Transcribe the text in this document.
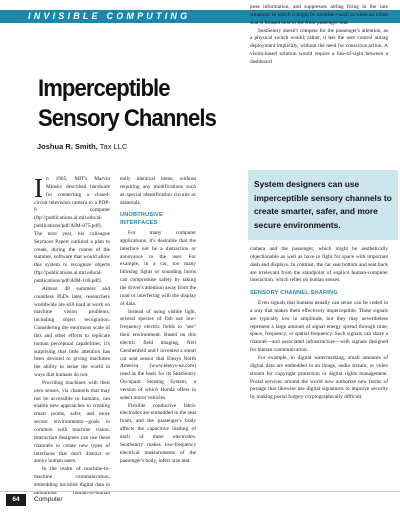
INVISIBLE COMPUTING
Imperceptible
Sensory Channels
Joshua R. Smith, Tax LLC

In 1965, MIT's Marvin Minsky described hardware for connecting a closed-circuit television camera to a PDP-6 computer (ftp://publications.ai.mit.edu/ai-publications/pdf/AIM-075.pdf). The next year, his colleague Seymour Papert outlined a plan to create, during the course of the summer, software that would allow this system to recognize objects (ftp://publications.ai.mit.edu/ai-publications/pdf/AIM-100.pdf).

Almost 40 summers and countless PhDs later, researchers worldwide are still hard at work on machine vision problems, including object recognition. Considering the enormous scale of this and other efforts to replicate human perceptual capabilities, it's surprising that little attention has been devoted to giving machines the ability to sense the world in ways that humans do not.

Providing machines with their own senses, via channels that may not be accessible to humans, can enable new approaches to creating smart rooms, safer, and more secure environments—goals in common with machine vision. Interaction designers can use these channels to create new types of interfaces that don't distract or annoy human users.

In the realm of machine-to-machine communication, embedding invisible digital data in ubiquitous human-to-human

ently identical items, without requiring any modifications such as special identification circuits or materials.

UNOBTRUSIVE INTERFACES

For many computer applications, it's desirable that the interface not be a distraction or annoyance to the user. For example, in a car, too many blinking lights or sounding horns can compromise safety by taking the driver's attention away from the road or interfering with the display of data.

Instead of using visible light, several species of fish use low-frequency electric fields to "see" their environment. Based on this electric field imaging, Neil Gershenfeld and I invented a smart car seat sensor that Elesys North America (www.elesys-na.com) used as the basis for its SeatSentry Occupant Sensing System, a version of which Honda offers in select motor vehicles.

Flexible conductive fabric electrodes are embedded in the seat foam, and the passenger's body affects the capacitive loading of each of these electrodes. SeatSentry makes low-frequency electrical measurements of the passenger's body, infers size and

pose information, and suppresses airbag firing in the rare situations in which it might be harmful—such as when an infant seat is located next to the front passenger seat.

SeatSentry doesn't compete for the passenger's attention, as a physical switch would; rather, it lets the user control airbag deployment implicitly, without the need for conscious action. A vision-based solution would require a line-of-sight between a dashboard

System designers can use imperceptible sensory channels to create smarter, safer, and more secure environments.

camera and the passenger, which might be aesthetically objectionable as well as have to fight for space with important dash and displays. In contrast, the car seat bottom and seat back are irrelevant from the standpoint of explicit human-computer interaction, which relies on human senses.

SENSORY CHANNEL SHARING

Even signals that humans usually can sense can be coded in a way that makes them effectively imperceptible. These signals are typically low in amplitude, but they may nevertheless represent a large amount of signal energy spread through time, space, frequency, or spatial frequency. Such signals can share a channel—and associated infrastructure—with signals designed for human communication.

For example, in digital watermarking, small amounts of digital data are embedded in an image, audio stream, or video stream for copyright protection or digital rights management. Postal services around the world now authorize new forms of postage that likewise use digital signatures to improve security by making postal forgery cryptographically difficult.

64	Computer
